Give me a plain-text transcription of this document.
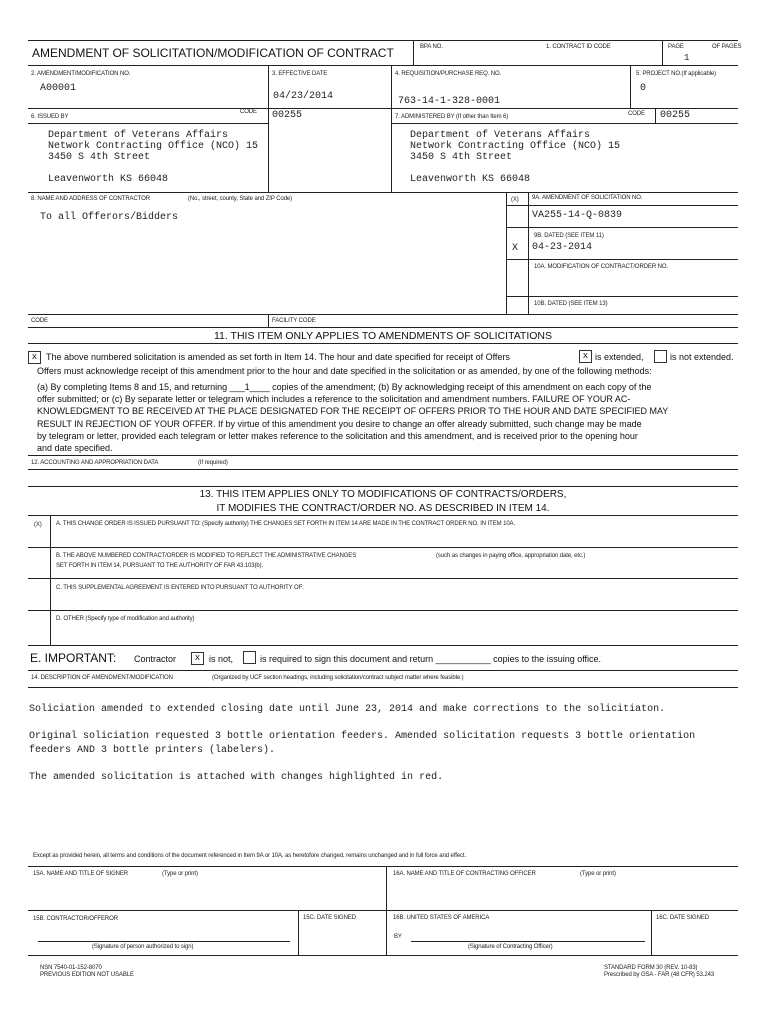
AMENDMENT OF SOLICITATION/MODIFICATION OF CONTRACT	BPA NO.	1. CONTRACT ID CODE	PAGE	OF PAGES
1
2. AMENDMENT/MODIFICATION NO.
A00001
3. EFFECTIVE DATE
04/23/2014
4. REQUISITION/PURCHASE REQ. NO.
763-14-1-328-0001
5. PROJECT NO.(If applicable)
0
6. ISSUED BY
CODE 00255	7. ADMINISTERED BY (If other than Item 6)	CODE 00255
Department of Veterans Affairs
Network Contracting Office (NCO) 15
3450 S 4th Street
Leavenworth KS 66048
Department of Veterans Affairs
Network Contracting Office (NCO) 15
3450 S 4th Street
Leavenworth KS 66048
8. NAME AND ADDRESS OF CONTRACTOR	(No., street, county, State and ZIP Code)
To all Offerors/Bidders
(X) 9A. AMENDMENT OF SOLICITATION NO.
VA255-14-Q-0839
9B. DATED (SEE ITEM 11)
X 04-23-2014
10A. MODIFICATION OF CONTRACT/ORDER NO.
10B. DATED (SEE ITEM 13)
CODE	FACILITY CODE
11. THIS ITEM ONLY APPLIES TO AMENDMENTS OF SOLICITATIONS
x The above numbered solicitation is amended as set forth in Item 14. The hour and date specified for receipt of Offers	x is extended,	is not extended.
Offers must acknowledge receipt of this amendment prior to the hour and date specified in the solicitation or as amended, by one of the following methods:
(a) By completing Items 8 and 15, and returning ___1____ copies of the amendment; (b) By acknowledging receipt of this amendment on each copy of the
offer submitted; or (c) By separate letter or telegram which includes a reference to the solicitation and amendment numbers. FAILURE OF YOUR AC-
KNOWLEDGMENT TO BE RECEIVED AT THE PLACE DESIGNATED FOR THE RECEIPT OF OFFERS PRIOR TO THE HOUR AND DATE SPECIFIED MAY
RESULT IN REJECTION OF YOUR OFFER. If by virtue of this amendment you desire to change an offer already submitted, such change may be made
by telegram or letter, provided each telegram or letter makes reference to the solicitation and this amendment, and is received prior to the opening hour
and date specified.
12. ACCOUNTING AND APPROPRIATION DATA	(If required)
13. THIS ITEM APPLIES ONLY TO MODIFICATIONS OF CONTRACTS/ORDERS,
IT MODIFIES THE CONTRACT/ORDER NO. AS DESCRIBED IN ITEM 14.
(X) A. THIS CHANGE ORDER IS ISSUED PURSUANT TO: (Specify authority) THE CHANGES SET FORTH IN ITEM 14 ARE MADE IN THE CONTRACT ORDER NO. IN ITEM 10A.
B. THE ABOVE NUMBERED CONTRACT/ORDER IS MODIFIED TO REFLECT THE ADMINISTRATIVE CHANGES	(such as changes in paying office, appropriation date, etc.)
SET FORTH IN ITEM 14, PURSUANT TO THE AUTHORITY OF FAR 43.103(b).
C. THIS SUPPLEMENTAL AGREEMENT IS ENTERED INTO PURSUANT TO AUTHORITY OF:
D. OTHER (Specify type of modification and authority)
E. IMPORTANT: Contractor	x is not,	is required to sign this document and return ___________ copies to the issuing office.
14. DESCRIPTION OF AMENDMENT/MODIFICATION	(Organized by UCF section headings, including solicitation/contract subject matter where feasible.)
Soliciation amended to extended closing date until June 23, 2014 and make corrections to the solicitiaton.
Original soliciation requested 3 bottle orientation feeders. Amended solicitation requests 3 bottle orientation
feeders AND 3 bottle printers (labelers).
The amended solicitation is attached with changes highlighted in red.
Except as provided herein, all terms and conditions of the document referenced in Item 9A or 10A, as heretofore changed, remains unchanged and in full force and effect.
15A. NAME AND TITLE OF SIGNER	(Type or print)	16A. NAME AND TITLE OF CONTRACTING OFFICER	(Type or print)
15B. CONTRACTOR/OFFEROR	15C. DATE SIGNED	16B. UNITED STATES OF AMERICA	16C. DATE SIGNED
BY
(Signature of person authorized to sign)	(Signature of Contracting Officer)
NSN 7540-01-152-8070
PREVIOUS EDITION NOT USABLE
STANDARD FORM 30 (REV. 10-83)
Prescribed by GSA - FAR (48 CFR) 53.243
